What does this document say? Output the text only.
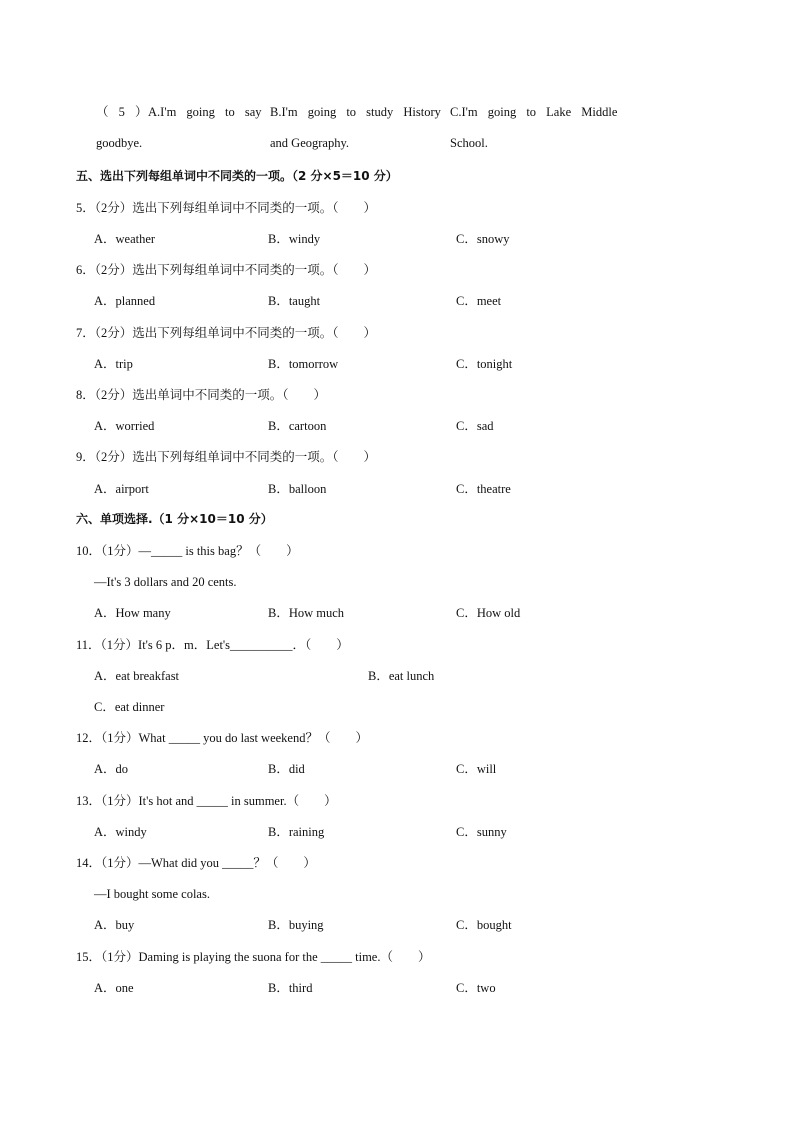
（ 5 ） A.I'm going to say B.I'm going to study History C.I'm going to Lake Middle
goodbye.	and Geography.	School.
五、选出下列每组单词中不同类的一项。（2 分×5＝10 分）
5．（2分）选出下列每组单词中不同类的一项。（　　）
A．weather	B．windy	C．snowy
6．（2分）选出下列每组单词中不同类的一项。（　　）
A．planned	B．taught	C．meet
7．（2分）选出下列每组单词中不同类的一项。（　　）
A．trip	B．tomorrow	C．tonight
8．（2分）选出单词中不同类的一项。（　　）
A．worried	B．cartoon	C．sad
9．（2分）选出下列每组单词中不同类的一项。（　　）
A．airport	B．balloon	C．theatre
六、单项选择.（1 分×10＝10 分）
10．（1分）—_____ is this bag？（　　）
—It's 3 dollars and 20 cents.
A．How many	B．How much	C．How old
11．（1分）It's 6 p．m．Let's__________．（　　）
A．eat breakfast	B．eat lunch
C．eat dinner
12．（1分）What _____ you do last weekend？（　　）
A．do	B．did	C．will
13．（1分）It's hot and _____ in summer.（　　）
A．windy	B．raining	C．sunny
14．（1分）—What did you _____？（　　）
—I bought some colas.
A．buy	B．buying	C．bought
15．（1分）Daming is playing the suona for the _____ time.（　　）
A．one	B．third	C．two
